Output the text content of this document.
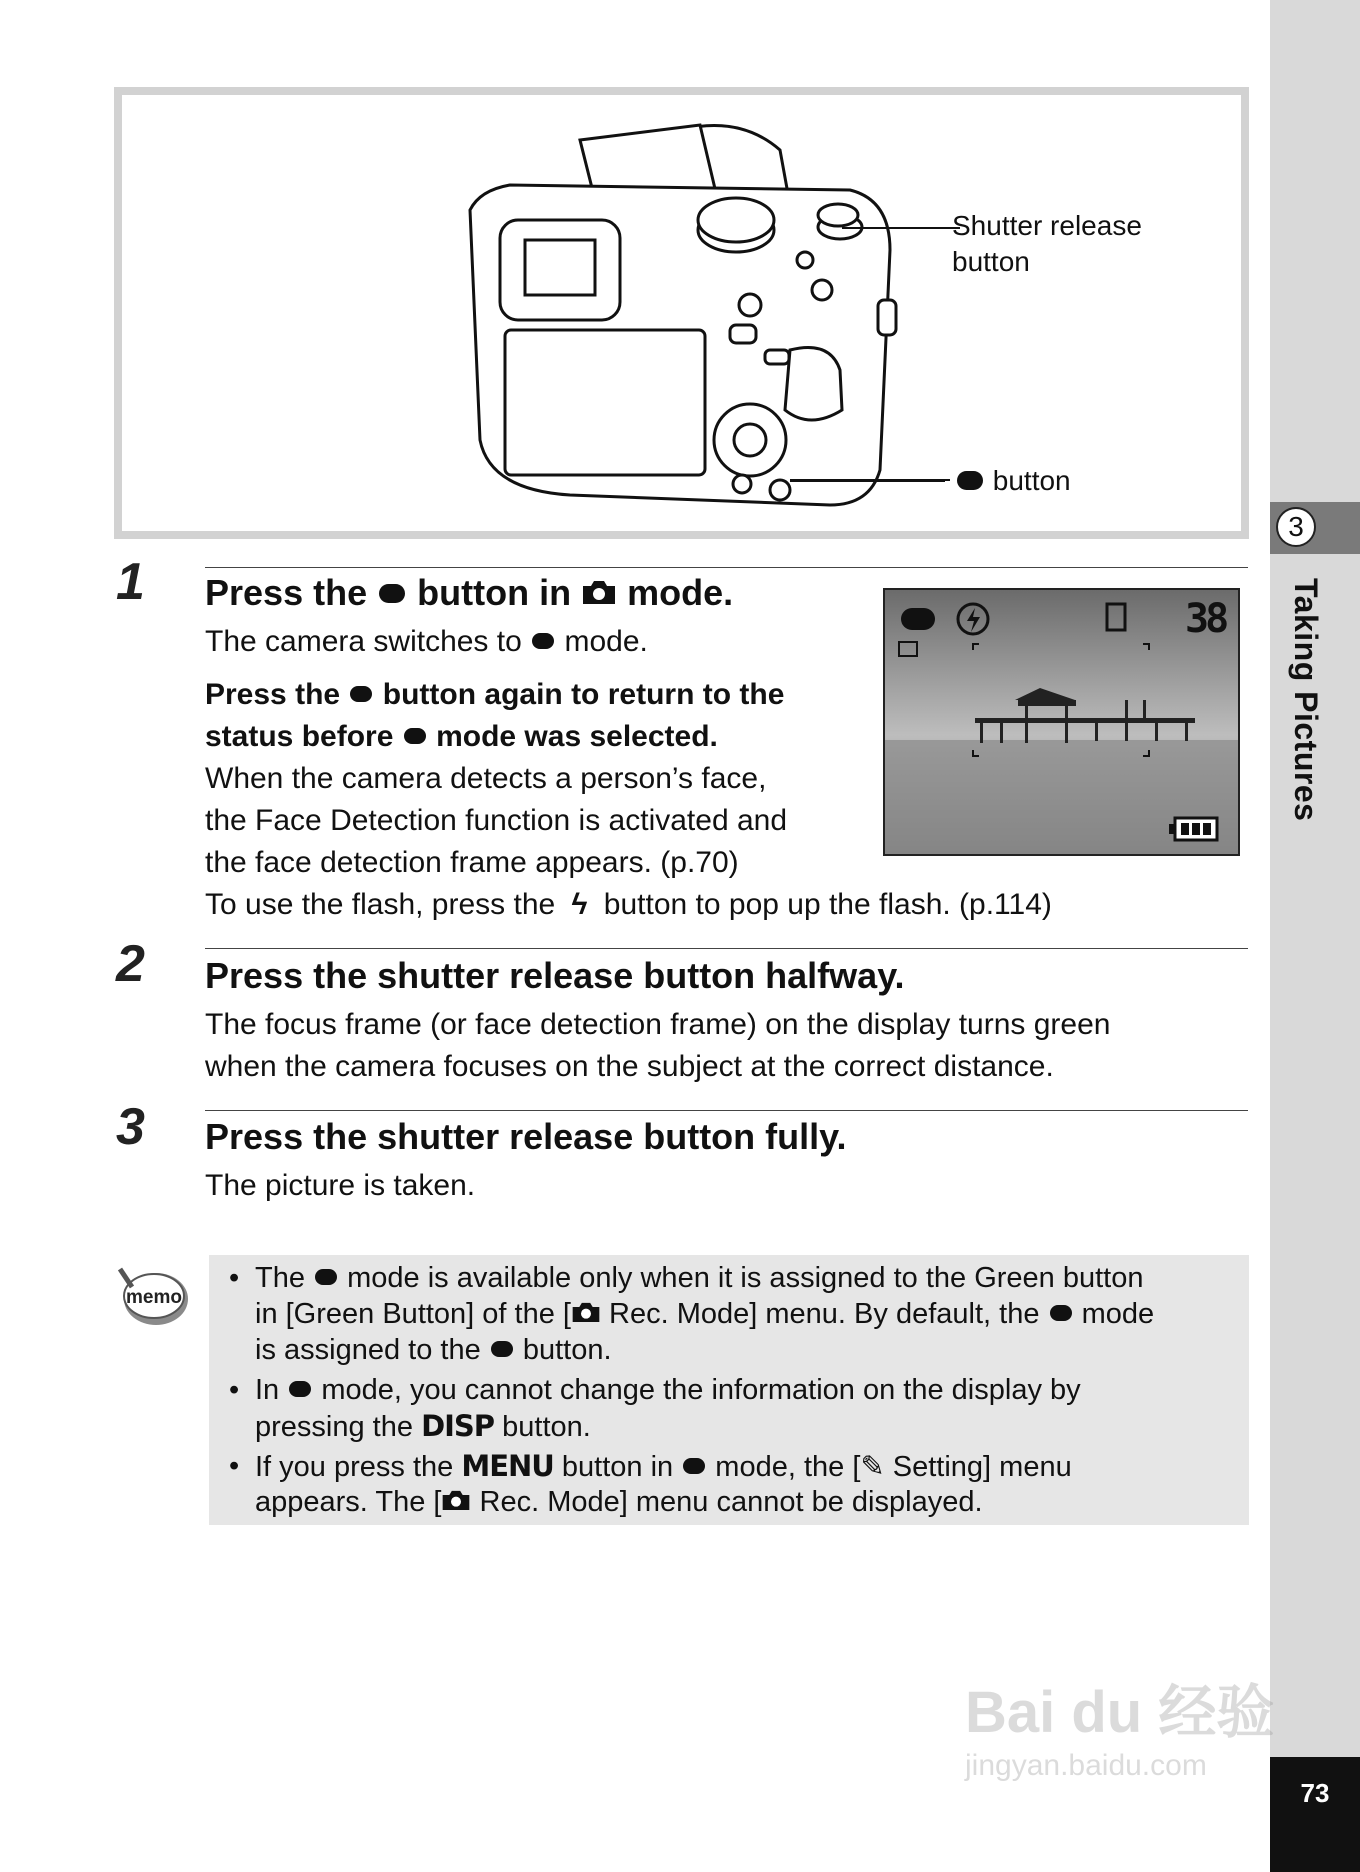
3
Taking Pictures
73
Shutter release
button
button
1 Press the button in mode.
The camera switches to mode.
Press the button again to return to the
status before mode was selected.
When the camera detects a person’s face,
the Face Detection function is activated and
the face detection frame appears. (p.70)
To use the flash, press the ϟ button to pop up the flash. (p.114)
38
2 Press the shutter release button halfway.
The focus frame (or face detection frame) on the display turns green
when the camera focuses on the subject at the correct distance.
3 Press the shutter release button fully.
The picture is taken.
memo
• The mode is available only when it is assigned to the Green button
in [Green Button] of the [ Rec. Mode] menu. By default, the mode
is assigned to the button.
• In mode, you cannot change the information on the display by
pressing the DISP button.
• If you press the MENU button in mode, the [✎ Setting] menu
appears. The [ Rec. Mode] menu cannot be displayed.
Bai du 经验
jingyan.baidu.com
